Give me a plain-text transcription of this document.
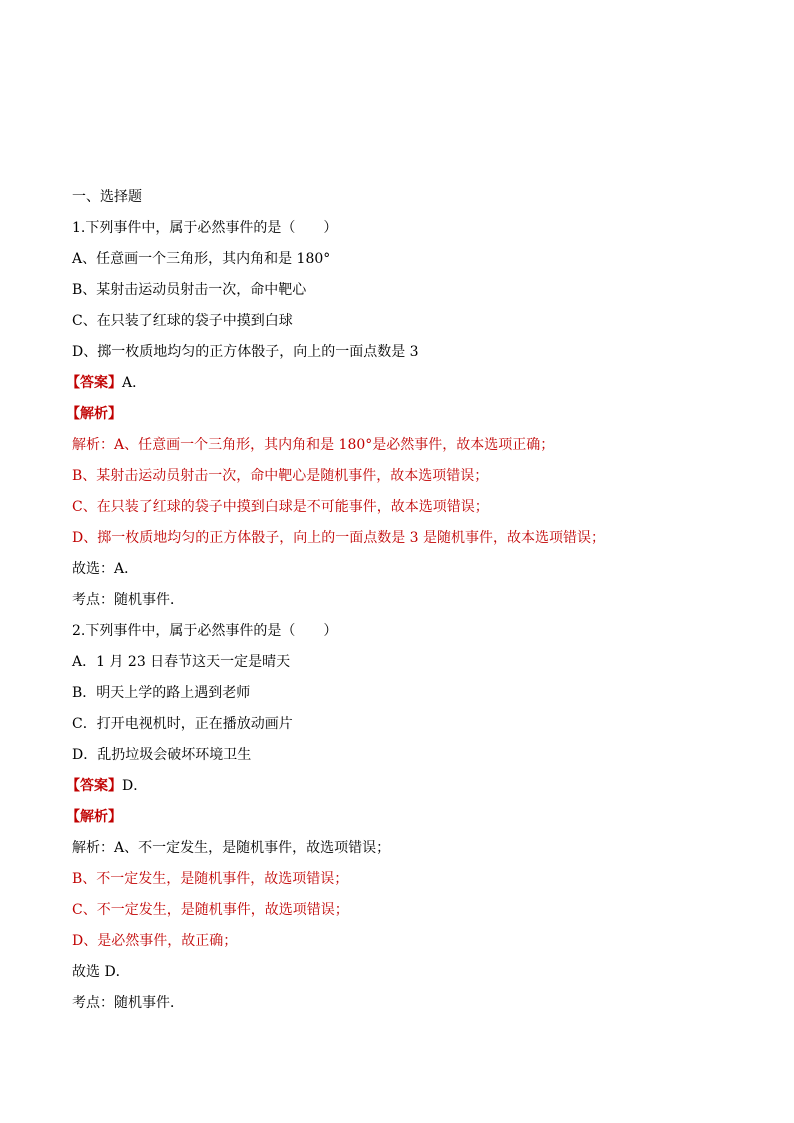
一、选择题
1.下列事件中，属于必然事件的是（　　）
A、任意画一个三角形，其内角和是 180°
B、某射击运动员射击一次，命中靶心
C、在只装了红球的袋子中摸到白球
D、掷一枚质地均匀的正方体骰子，向上的一面点数是 3
【答案】A．
【解析】
解析：A、任意画一个三角形，其内角和是 180°是必然事件，故本选项正确；
B、某射击运动员射击一次，命中靶心是随机事件，故本选项错误；
C、在只装了红球的袋子中摸到白球是不可能事件，故本选项错误；
D、掷一枚质地均匀的正方体骰子，向上的一面点数是 3 是随机事件，故本选项错误；
故选：A．
考点：随机事件．
2.下列事件中，属于必然事件的是（　　）
A．1 月 23 日春节这天一定是晴天
B．明天上学的路上遇到老师
C．打开电视机时，正在播放动画片
D．乱扔垃圾会破坏环境卫生
【答案】D．
【解析】
解析：A、不一定发生，是随机事件，故选项错误；
B、不一定发生，是随机事件，故选项错误；
C、不一定发生，是随机事件，故选项错误；
D、是必然事件，故正确；
故选 D．
考点：随机事件．
